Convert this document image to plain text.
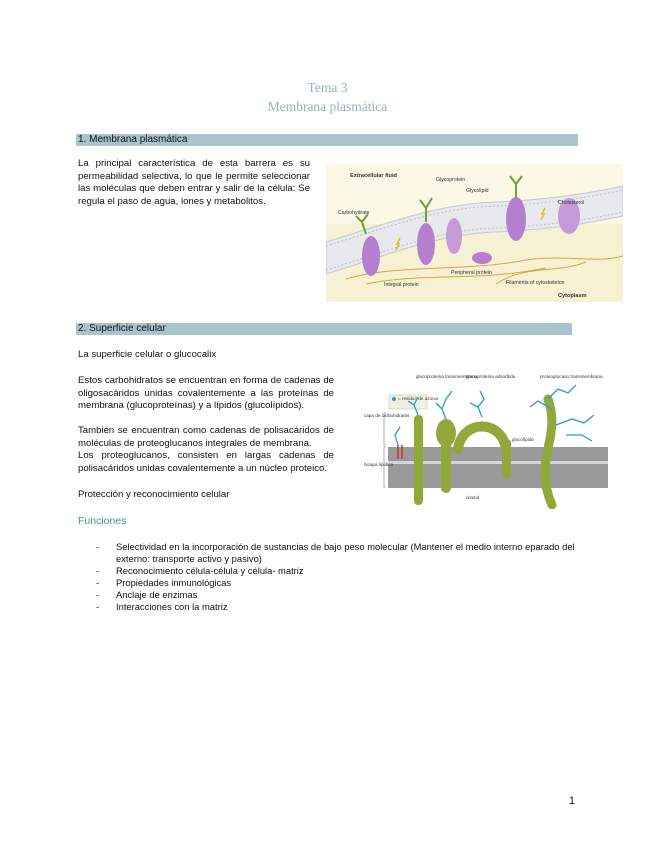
Tema 3
Membrana plasmática
1. Membrana plasmática
La principal característica de esta barrera es su permeabilidad selectiva, lo que le permite seleccionar las moléculas que deben entrar y salir de la célula: Se regula el paso de agua, iones y metabolitos.
Extracellular fluid
Glycoprotein
Glycolipid
Carbohydrate
Cholesterol
Peripheral protein
Integral protein	Filaments of cytoskeleton
Cytoplasm
2. Superficie celular
La superficie celular o glucocalix
Estos carbohidratos se encuentran en forma de cadenas de oligosacáridos unidas covalentemente a las proteínas de membrana (glucoproteínas) y a lípidos (glucolípidos).

También se encuentran como cadenas de polisacáridos de moléculas de proteoglucanos integrales de membrana.

Los proteoglucanos, consisten en largas cadenas de polisacáridos unidas covalentemente a un núcleo proteico.

Protección y reconocimiento celular
= residuo de azúcar
capa de carbohidratos
bicapa lipídica
glucoproteína transmembrana
glucoproteína adsorbida	proteoglucano transmembrana
glucolípido
citosol
Funciones
- Selectividad en la incorporación de sustancias de bajo peso molecular (Mantener el medio interno eparado del externo: transporte activo y pasivo)
- Reconocimiento célula-célula y célula- matriz
- Propiedades inmunológicas
- Anclaje de enzimas
- Interacciones con la matriz
1
